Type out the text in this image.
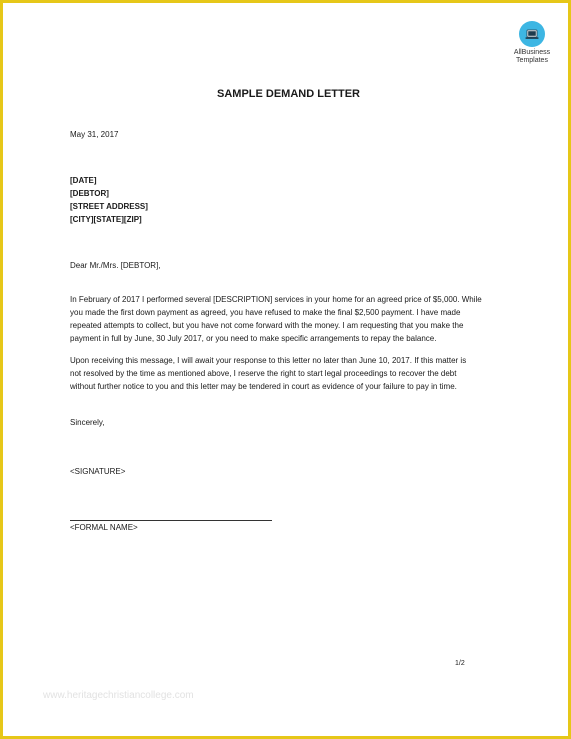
AllBusiness
Templates
SAMPLE DEMAND LETTER
May 31, 2017
[DATE]
[DEBTOR]
[STREET ADDRESS]
[CITY][STATE][ZIP]
Dear Mr./Mrs. [DEBTOR],
In February of 2017 I performed several [DESCRIPTION] services in your home for an agreed price of $5,000. While
you made the first down payment as agreed, you have refused to make the final $2,500 payment. I have made
repeated attempts to collect, but you have not come forward with the money. I am requesting that you make the
payment in full by June, 30 July 2017, or you need to make specific arrangements to repay the balance.
Upon receiving this message, I will await your response to this letter no later than June 10, 2017. If this matter is
not resolved by the time as mentioned above, I reserve the right to start legal proceedings to recover the debt
without further notice to you and this letter may be tendered in court as evidence of your failure to pay in time.
Sincerely,
<SIGNATURE>
<FORMAL NAME>
1/2
www.heritagechristiancollege.com
